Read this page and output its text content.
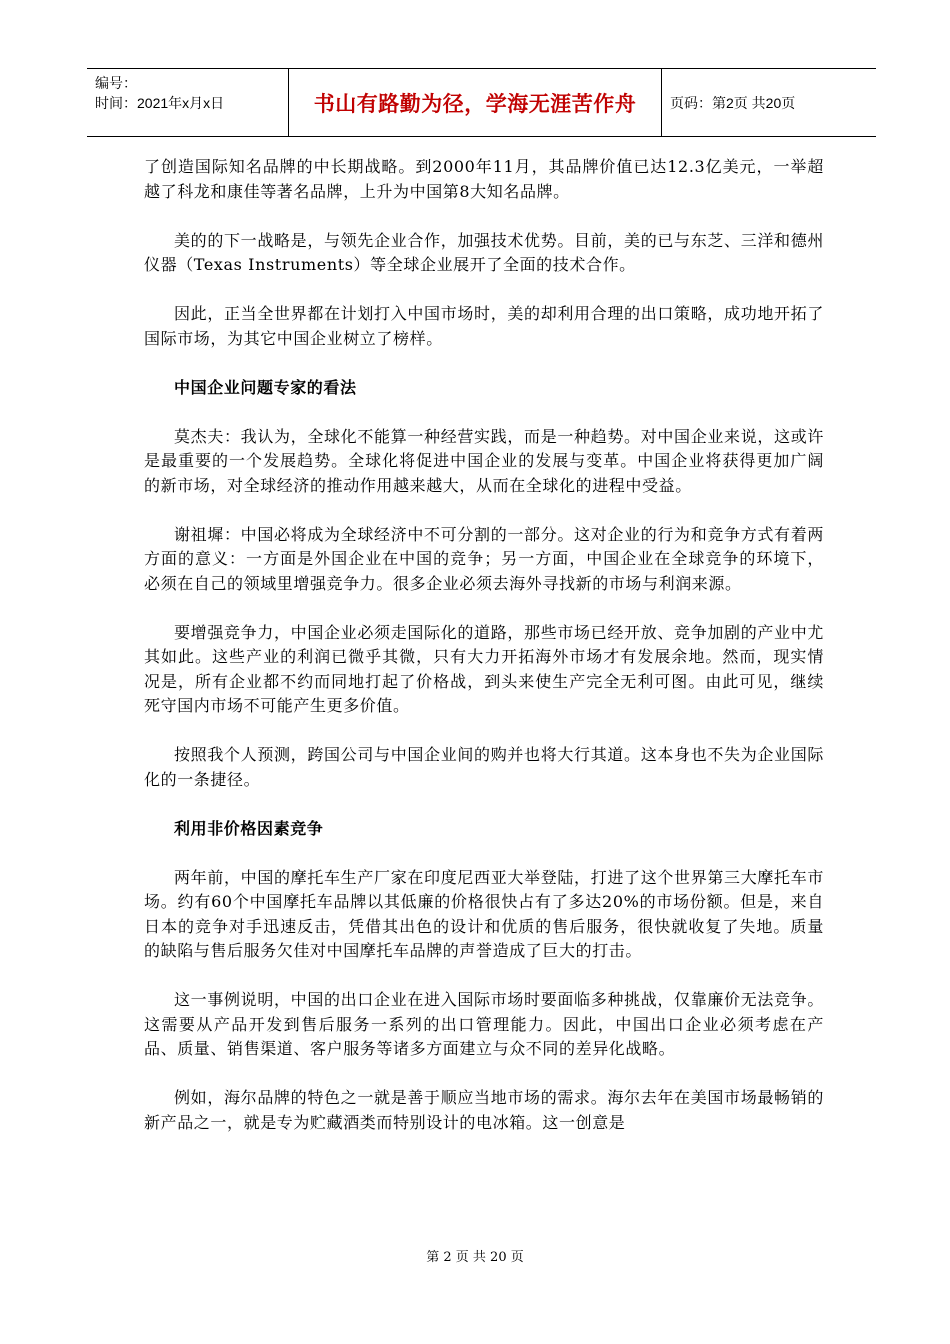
编号：
时间：2021年x月x日	书山有路勤为径，学海无涯苦作舟	页码：第2页 共20页

了创造国际知名品牌的中长期战略。到2000年11月，其品牌价值已达12.3亿美元，一举超越了科龙和康佳等著名品牌，上升为中国第8大知名品牌。

美的的下一战略是，与领先企业合作，加强技术优势。目前，美的已与东芝、三洋和德州仪器（Texas Instruments）等全球企业展开了全面的技术合作。

因此，正当全世界都在计划打入中国市场时，美的却利用合理的出口策略，成功地开拓了国际市场，为其它中国企业树立了榜样。

中国企业问题专家的看法

莫杰夫：我认为，全球化不能算一种经营实践，而是一种趋势。对中国企业来说，这或许是最重要的一个发展趋势。全球化将促进中国企业的发展与变革。中国企业将获得更加广阔的新市场，对全球经济的推动作用越来越大，从而在全球化的进程中受益。

谢祖墀：中国必将成为全球经济中不可分割的一部分。这对企业的行为和竞争方式有着两方面的意义：一方面是外国企业在中国的竞争；另一方面，中国企业在全球竞争的环境下，必须在自己的领域里增强竞争力。很多企业必须去海外寻找新的市场与利润来源。

要增强竞争力，中国企业必须走国际化的道路，那些市场已经开放、竞争加剧的产业中尤其如此。这些产业的利润已微乎其微，只有大力开拓海外市场才有发展余地。然而，现实情况是，所有企业都不约而同地打起了价格战，到头来使生产完全无利可图。由此可见，继续死守国内市场不可能产生更多价值。

按照我个人预测，跨国公司与中国企业间的购并也将大行其道。这本身也不失为企业国际化的一条捷径。

利用非价格因素竞争

两年前，中国的摩托车生产厂家在印度尼西亚大举登陆，打进了这个世界第三大摩托车市场。约有60个中国摩托车品牌以其低廉的价格很快占有了多达20%的市场份额。但是，来自日本的竞争对手迅速反击，凭借其出色的设计和优质的售后服务，很快就收复了失地。质量的缺陷与售后服务欠佳对中国摩托车品牌的声誉造成了巨大的打击。

这一事例说明，中国的出口企业在进入国际市场时要面临多种挑战，仅靠廉价无法竞争。这需要从产品开发到售后服务一系列的出口管理能力。因此，中国出口企业必须考虑在产品、质量、销售渠道、客户服务等诸多方面建立与众不同的差异化战略。

例如，海尔品牌的特色之一就是善于顺应当地市场的需求。海尔去年在美国市场最畅销的新产品之一，就是专为贮藏酒类而特别设计的电冰箱。这一创意是

第 2 页 共 20 页
